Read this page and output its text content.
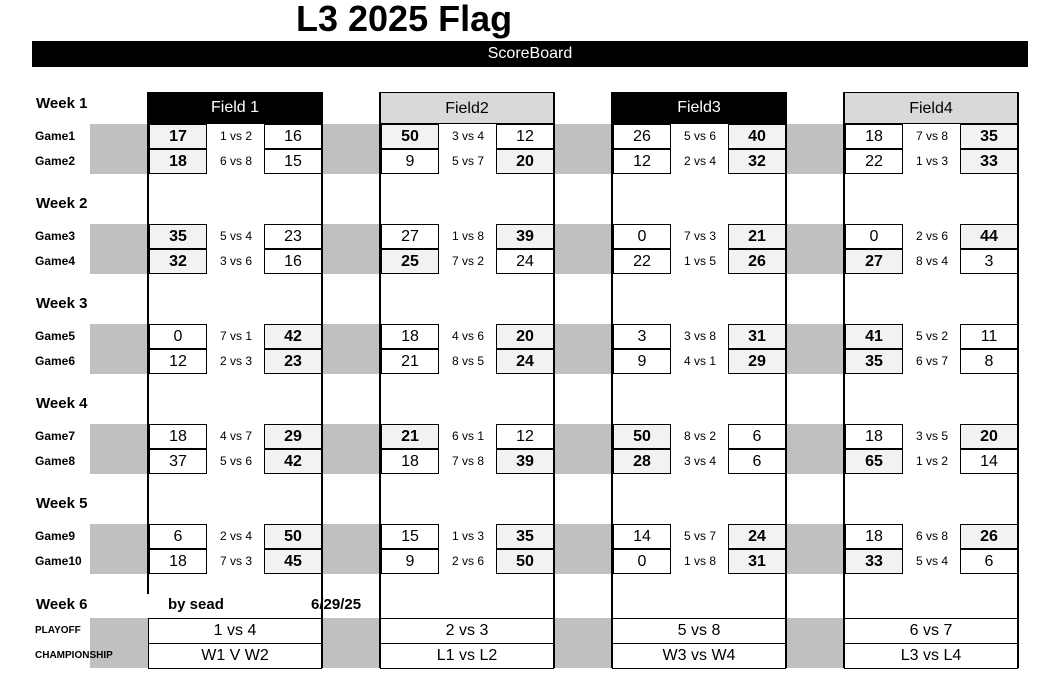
L3 2025 Flag
ScoreBoard
Field 1	Field2	Field3	Field4
Week 1
Game1	17	1 vs 2	16	50	3 vs 4	12	26	5 vs 6	40	18	7 vs 8	35
Game2	18	6 vs 8	15	9	5 vs 7	20	12	2 vs 4	32	22	1 vs 3	33
Week 2
Game3	35	5 vs 4	23	27	1 vs 8	39	0	7 vs 3	21	0	2 vs 6	44
Game4	32	3 vs 6	16	25	7 vs 2	24	22	1 vs 5	26	27	8 vs 4	3
Week 3
Game5	0	7 vs 1	42	18	4 vs 6	20	3	3 vs 8	31	41	5 vs 2	11
Game6	12	2 vs 3	23	21	8 vs 5	24	9	4 vs 1	29	35	6 vs 7	8
Week 4
Game7	18	4 vs 7	29	21	6 vs 1	12	50	8 vs 2	6	18	3 vs 5	20
Game8	37	5 vs 6	42	18	7 vs 8	39	28	3 vs 4	6	65	1 vs 2	14
Week 5
Game9	6	2 vs 4	50	15	1 vs 3	35	14	5 vs 7	24	18	6 vs 8	26
Game10	18	7 vs 3	45	9	2 vs 6	50	0	1 vs 8	31	33	5 vs 4	6
Week 6	by sead	6/29/25
PLAYOFF	1 vs 4	2 vs 3	5 vs 8	6 vs 7
CHAMPIONSHIP	W1 V W2	L1 vs L2	W3 vs W4	L3 vs L4
